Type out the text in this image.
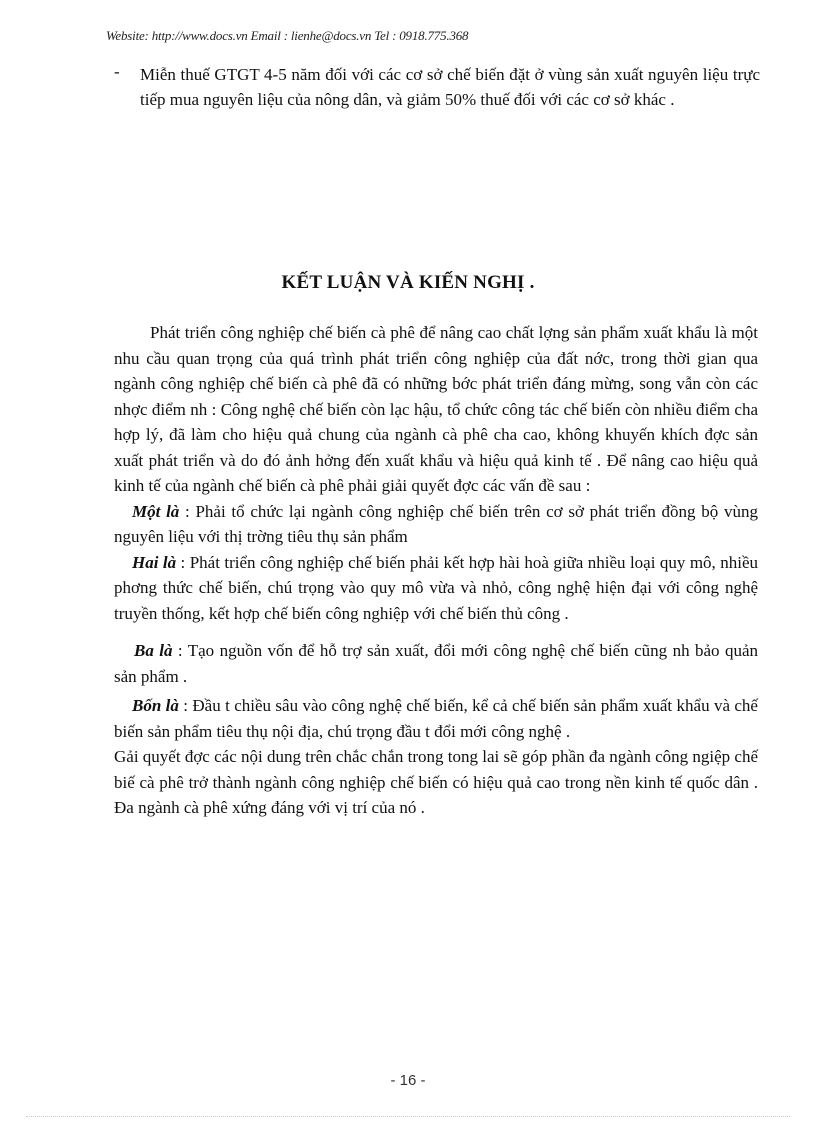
Website: http://www.docs.vn Email : lienhe@docs.vn Tel : 0918.775.368
- Miễn thuế GTGT 4-5 năm đối với các cơ sở chế biến đặt ở vùng sản xuất nguyên liệu trực tiếp mua nguyên liệu của nông dân, và giảm 50% thuế đối với các cơ sở khác .
KẾT LUẬN VÀ KIẾN NGHỊ .

Phát triển công nghiệp chế biến cà phê để nâng cao chất lợng sản phẩm xuất khẩu là một nhu cầu quan trọng của quá trình phát triển công nghiệp của đất nớc, trong thời gian qua ngành công nghiệp chế biến cà phê đã có những bớc phát triển đáng mừng, song vẫn còn các nhợc điểm nh : Công nghệ chế biến còn lạc hậu, tổ chức công tác chế biến còn nhiều điểm cha hợp lý, đã làm cho hiệu quả chung của ngành cà phê cha cao, không khuyến khích đợc sản xuất phát triển và do đó ảnh hởng đến xuất khẩu và hiệu quả kinh tế . Để nâng cao hiệu quả kinh tế của ngành chế biến cà phê phải giải quyết đợc các vấn đề sau :

Một là : Phải tổ chức lại ngành công nghiệp chế biến trên cơ sở phát triển đồng bộ vùng nguyên liệu với thị trờng tiêu thụ sản phẩm

Hai là : Phát triển công nghiệp chế biến phải kết hợp hài hoà giữa nhiều loại quy mô, nhiều phơng thức chế biến, chú trọng vào quy mô vừa và nhỏ, công nghệ hiện đại với công nghệ truyền thống, kết hợp chế biến công nghiệp với chế biến thủ công .

Ba là : Tạo nguồn vốn để hỗ trợ sản xuất, đổi mới công nghệ chế biến cũng nh bảo quản sản phẩm .

Bốn là : Đầu t chiều sâu vào công nghệ chế biến, kể cả chế biến sản phẩm xuất khẩu và chế biến sản phẩm tiêu thụ nội địa, chú trọng đầu t đổi mới công nghệ .

Gải quyết đợc các nội dung trên chắc chắn trong tong lai sẽ góp phần đa ngành công ngiệp chế biế cà phê trở thành ngành công nghiệp chế biến có hiệu quả cao trong nền kinh tế quốc dân . Đa ngành cà phê xứng đáng với vị trí của nó .

- 16 -
